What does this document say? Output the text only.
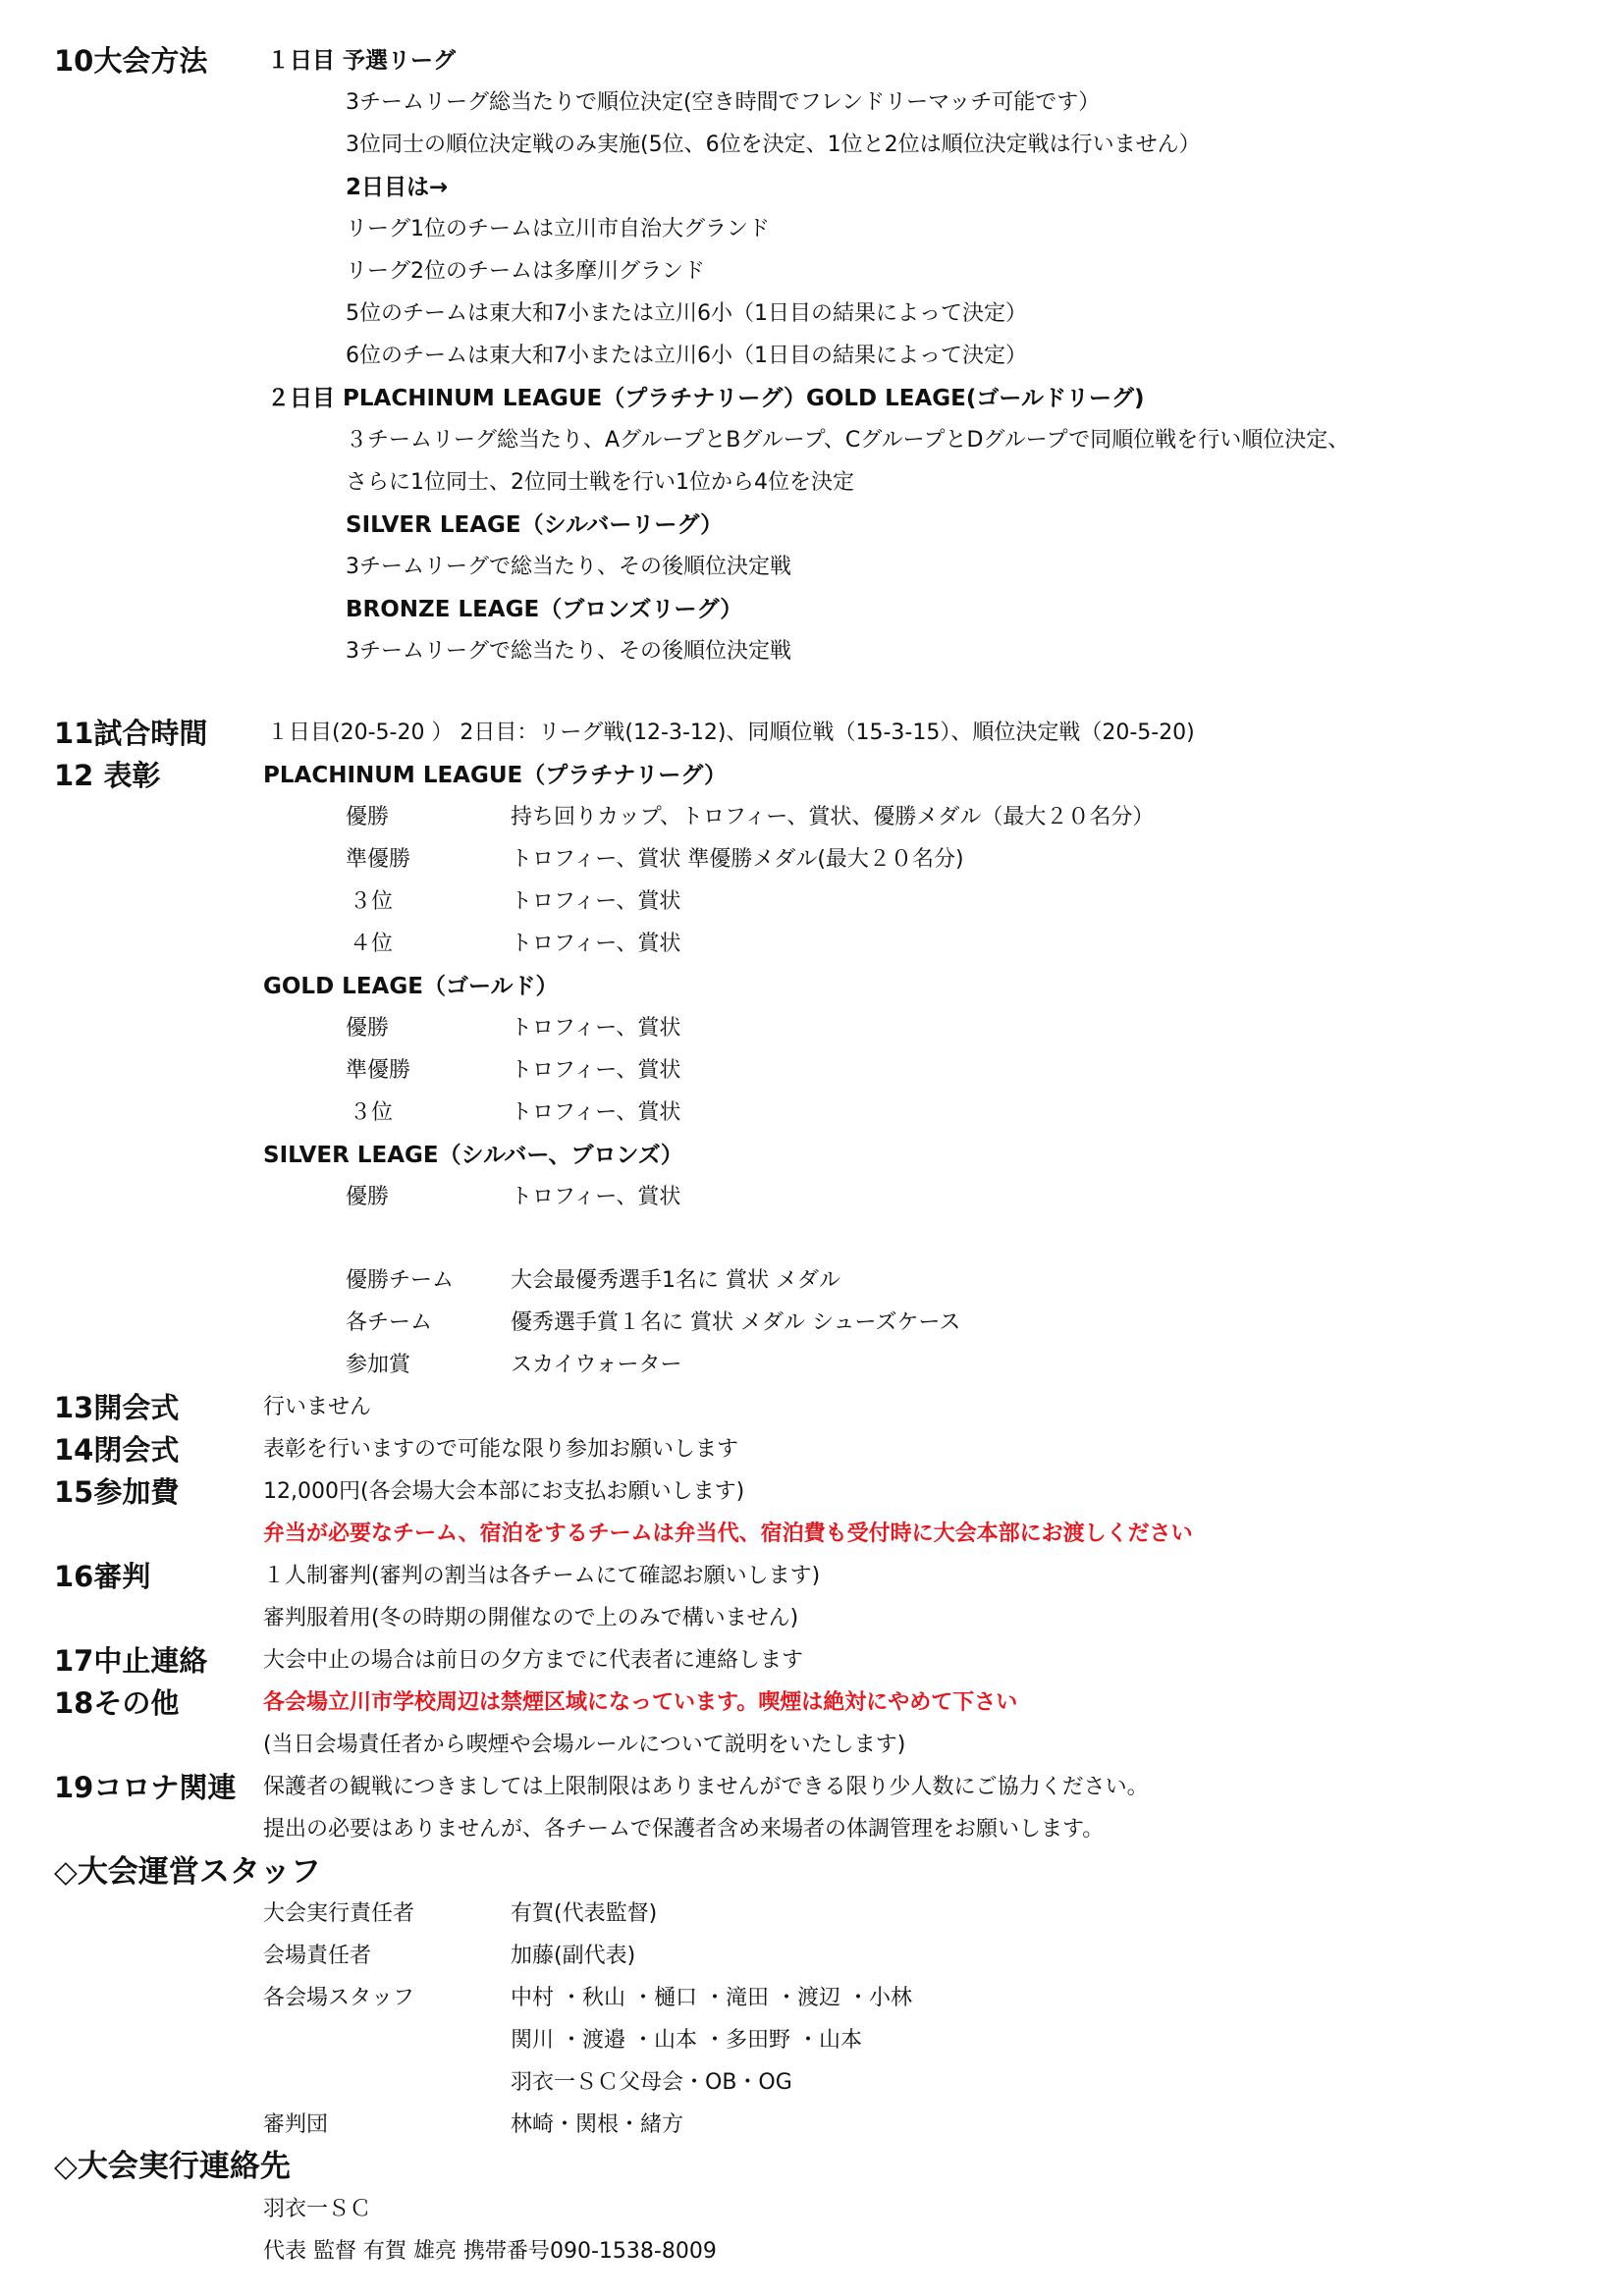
10大会方法	１日目 予選リーグ
3チームリーグ総当たりで順位決定(空き時間でフレンドリーマッチ可能です）
3位同士の順位決定戦のみ実施(5位、6位を決定、1位と2位は順位決定戦は行いません）
2日目は→
リーグ1位のチームは立川市自治大グランド
リーグ2位のチームは多摩川グランド
5位のチームは東大和7小または立川6小（1日目の結果によって決定）
6位のチームは東大和7小または立川6小（1日目の結果によって決定）
２日目 PLACHINUM LEAGUE（プラチナリーグ）GOLD LEAGE(ゴールドリーグ)
３チームリーグ総当たり、AグループとBグループ、CグループとDグループで同順位戦を行い順位決定、
さらに1位同士、2位同士戦を行い1位から4位を決定
SILVER LEAGE（シルバーリーグ）
3チームリーグで総当たり、その後順位決定戦
BRONZE LEAGE（ブロンズリーグ）
3チームリーグで総当たり、その後順位決定戦
11試合時間	１日目(20-5-20 ） 2日目：リーグ戦(12-3-12)、同順位戦（15-3-15）、順位決定戦（20-5-20)
12 表彰	PLACHINUM LEAGUE（プラチナリーグ）
優勝	持ち回りカップ、トロフィー、賞状、優勝メダル（最大２０名分）
準優勝	トロフィー、賞状 準優勝メダル(最大２０名分)
３位	トロフィー、賞状
４位	トロフィー、賞状
GOLD LEAGE（ゴールド）
優勝	トロフィー、賞状
準優勝	トロフィー、賞状
３位	トロフィー、賞状
SILVER LEAGE（シルバー、ブロンズ）
優勝	トロフィー、賞状
優勝チーム	大会最優秀選手1名に 賞状 メダル
各チーム	優秀選手賞１名に 賞状 メダル シューズケース
参加賞	スカイウォーター
13開会式	行いません
14閉会式	表彰を行いますので可能な限り参加お願いします
15参加費	12,000円(各会場大会本部にお支払お願いします)
弁当が必要なチーム、宿泊をするチームは弁当代、宿泊費も受付時に大会本部にお渡しください
16審判	１人制審判(審判の割当は各チームにて確認お願いします)
審判服着用(冬の時期の開催なので上のみで構いません)
17中止連絡	大会中止の場合は前日の夕方までに代表者に連絡します
18その他	各会場立川市学校周辺は禁煙区域になっています。喫煙は絶対にやめて下さい
(当日会場責任者から喫煙や会場ルールについて説明をいたします)
19コロナ関連 保護者の観戦につきましては上限制限はありませんができる限り少人数にご協力ください。
提出の必要はありませんが、各チームで保護者含め来場者の体調管理をお願いします。
◇大会運営スタッフ
大会実行責任者	有賀(代表監督)
会場責任者	加藤(副代表)
各会場スタッフ	中村 ・秋山 ・樋口 ・滝田 ・渡辺 ・小林
関川 ・渡邉 ・山本 ・多田野 ・山本
羽衣一ＳＣ父母会・OB・OG
審判団	林崎・関根・緒方
◇大会実行連絡先
羽衣一ＳＣ
代表 監督 有賀 雄亮 携帯番号090-1538-8009
